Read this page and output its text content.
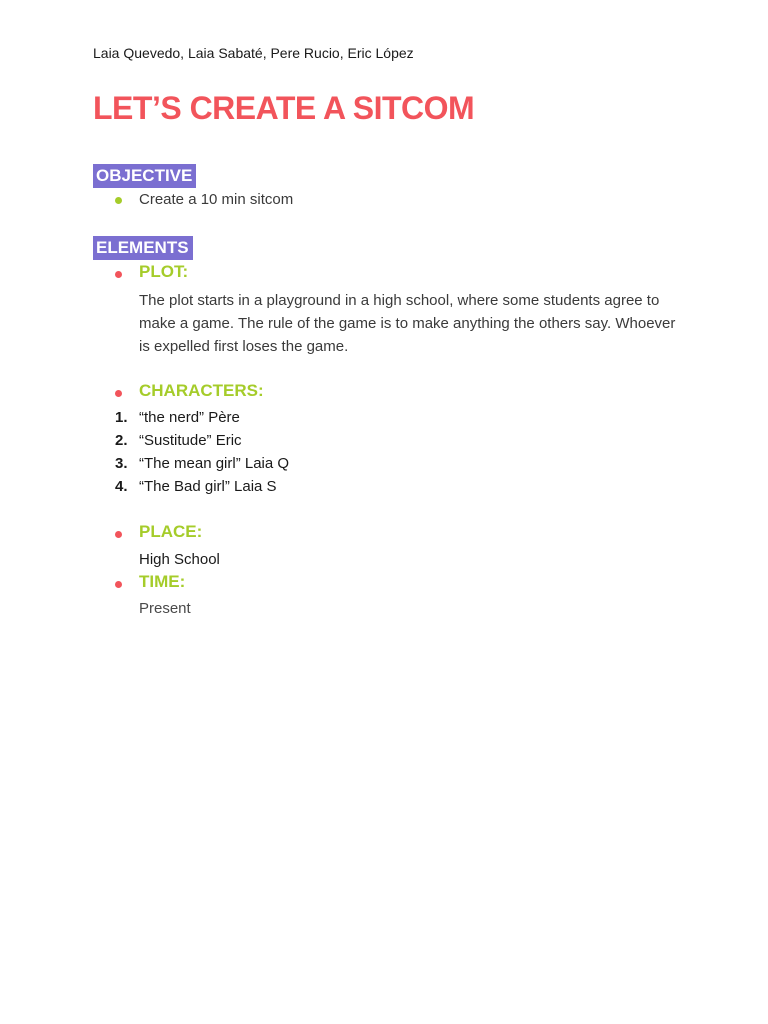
Laia Quevedo, Laia Sabaté, Pere Rucio, Eric López
LET’S CREATE A SITCOM
OBJECTIVE
Create a 10 min sitcom
ELEMENTS
PLOT:
The plot starts in a playground in a high school, where some students agree to make a game. The rule of the game is to make anything the others say. Whoever is expelled first loses the game.
CHARACTERS:
1. “the nerd” Père
2. “Sustitude” Eric
3. “The mean girl” Laia Q
4. “The Bad girl” Laia S
PLACE:
High School
TIME:
Present
